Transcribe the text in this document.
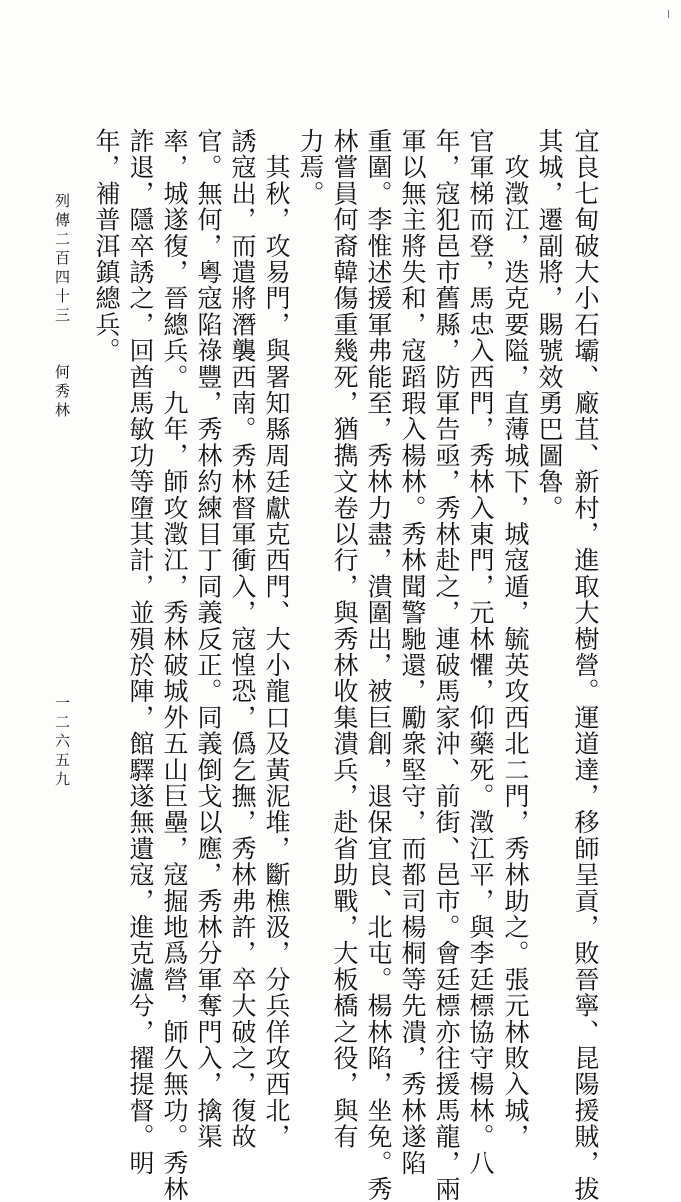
宜良七甸破大小石壩、廠苴、新村，進取大樹營。運道達，移師呈貢，敗晉寧、昆陽援賊，拔
其城，遷副將，賜號效勇巴圖魯。
　攻澂江，迭克要隘，直薄城下，城寇遁，毓英攻西北二門，秀林助之。張元林敗入城，
官軍梯而登，馬忠入西門，秀林入東門，元林懼，仰藥死。澂江平，與李廷標協守楊林。八
年，寇犯邑市舊縣，防軍告亟，秀林赴之，連破馬家沖、前街、邑市。會廷標亦往援馬龍，兩
軍以無主將失和，寇蹈瑕入楊林。秀林聞警馳還，勵衆堅守，而都司楊桐等先潰，秀林遂陷
重圍。李惟述援軍弗能至，秀林力盡，潰圍出，被巨創，退保宜良、北屯。楊林陷，坐免。秀
林嘗員何裔韓傷重幾死，猶擕文卷以行，與秀林收集潰兵，赴省助戰，大板橋之役，與有
力焉。
　其秋，攻易門，與署知縣周廷獻克西門、大小龍口及黃泥堆，斷樵汲，分兵佯攻西北，
誘寇出，而遣將潛襲西南。秀林督軍衝入，寇惶恐，僞乞撫，秀林弗許，卒大破之，復故
官。無何，粵寇陷祿豐，秀林約練目丁同義反正。同義倒戈以應，秀林分軍奪門入，擒渠
率，城遂復，晉總兵。九年，師攻澂江，秀林破城外五山巨壘，寇掘地爲營，師久無功。秀林
詐退，隱卒誘之，回酋馬敏功等墮其計，並殞於陣，館驛遂無遺寇，進克瀘兮，擢提督。明
年，補普洱鎮總兵。
列傳二百四十三　　何秀林
一二六五九
